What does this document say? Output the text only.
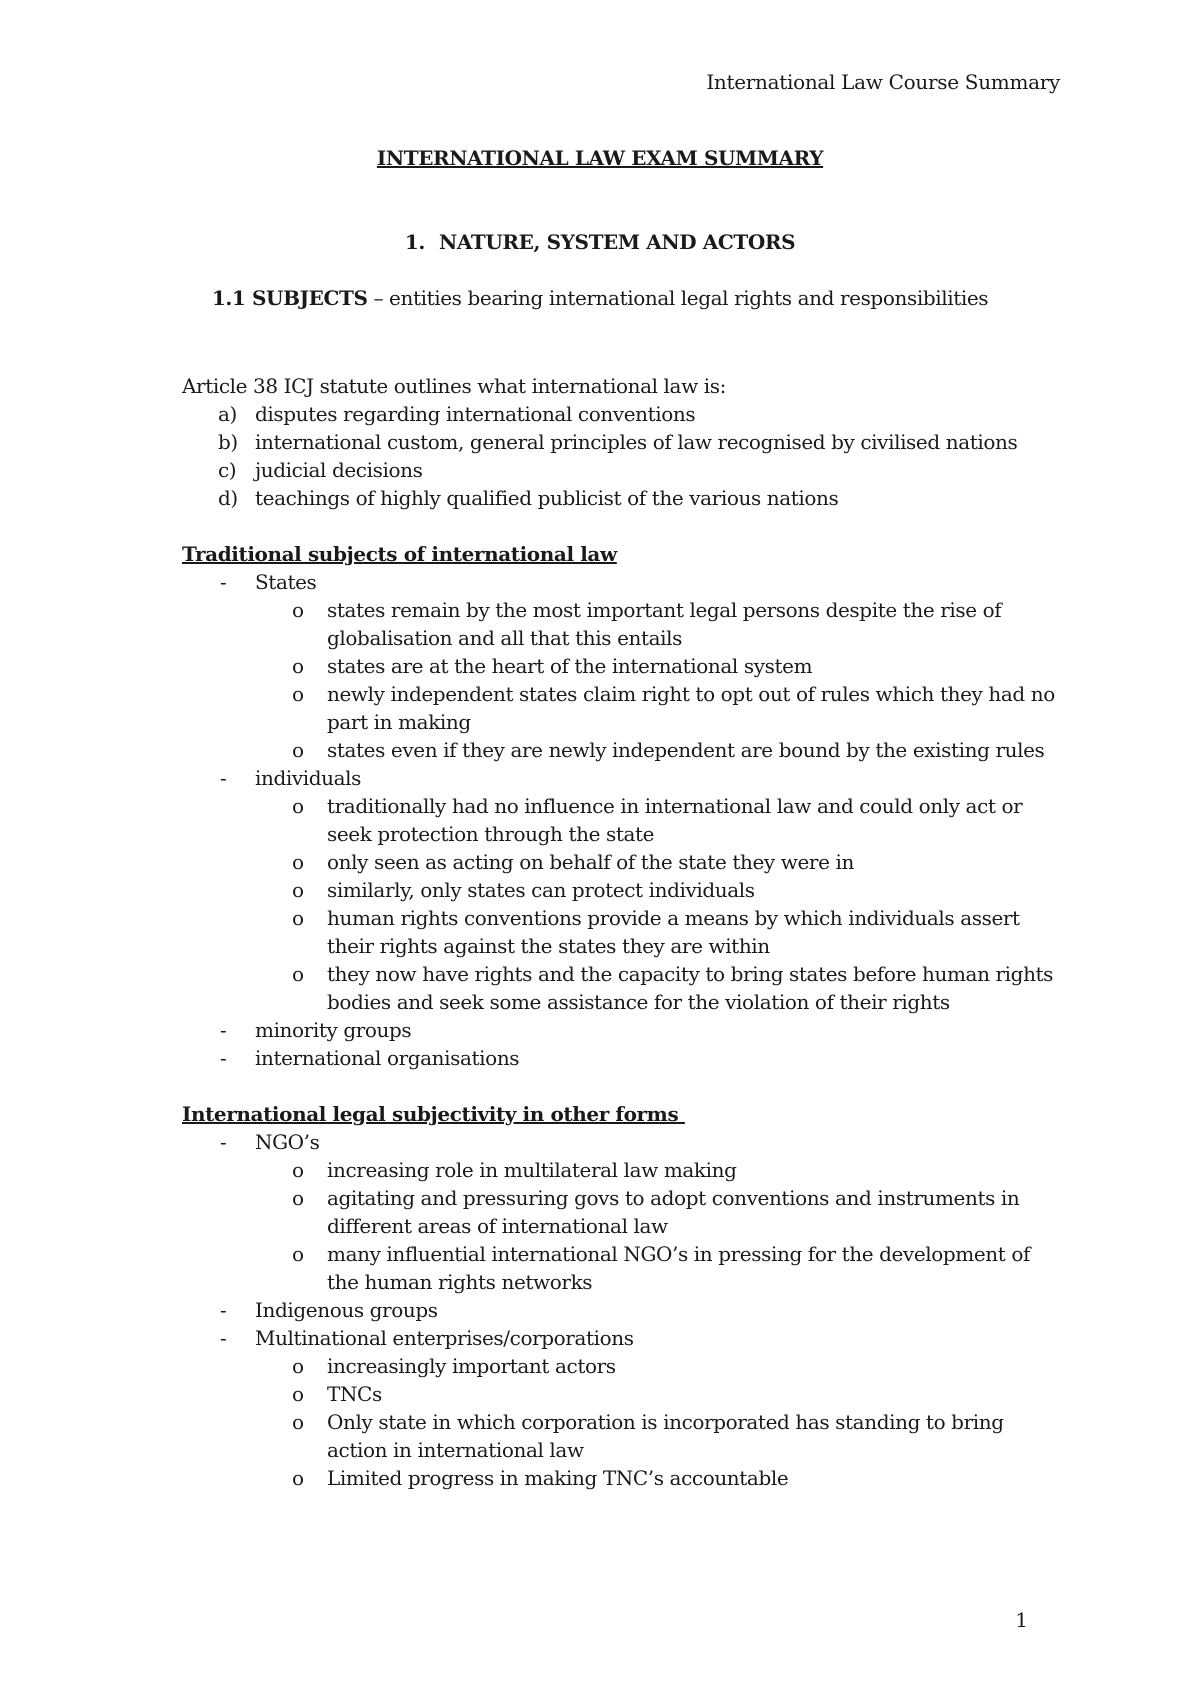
International Law Course Summary
INTERNATIONAL LAW EXAM SUMMARY
1. NATURE, SYSTEM AND ACTORS
1.1 SUBJECTS – entities bearing international legal rights and responsibilities

Article 38 ICJ statute outlines what international law is:

a) disputes regarding international conventions
b) international custom, general principles of law recognised by civilised nations
c) judicial decisions
d) teachings of highly qualified publicist of the various nations
Traditional subjects of international law
- States
o states remain by the most important legal persons despite the rise of globalisation and all that this entails
o states are at the heart of the international system
o newly independent states claim right to opt out of rules which they had no part in making
o states even if they are newly independent are bound by the existing rules
- individuals
o traditionally had no influence in international law and could only act or seek protection through the state
o only seen as acting on behalf of the state they were in
o similarly, only states can protect individuals
o human rights conventions provide a means by which individuals assert their rights against the states they are within
o they now have rights and the capacity to bring states before human rights bodies and seek some assistance for the violation of their rights
- minority groups
- international organisations
International legal subjectivity in other forms
- NGO’s
o increasing role in multilateral law making
o agitating and pressuring govs to adopt conventions and instruments in different areas of international law
o many influential international NGO’s in pressing for the development of the human rights networks
- Indigenous groups
- Multinational enterprises/corporations
o increasingly important actors
o TNCs
o Only state in which corporation is incorporated has standing to bring action in international law
o Limited progress in making TNC’s accountable
1
